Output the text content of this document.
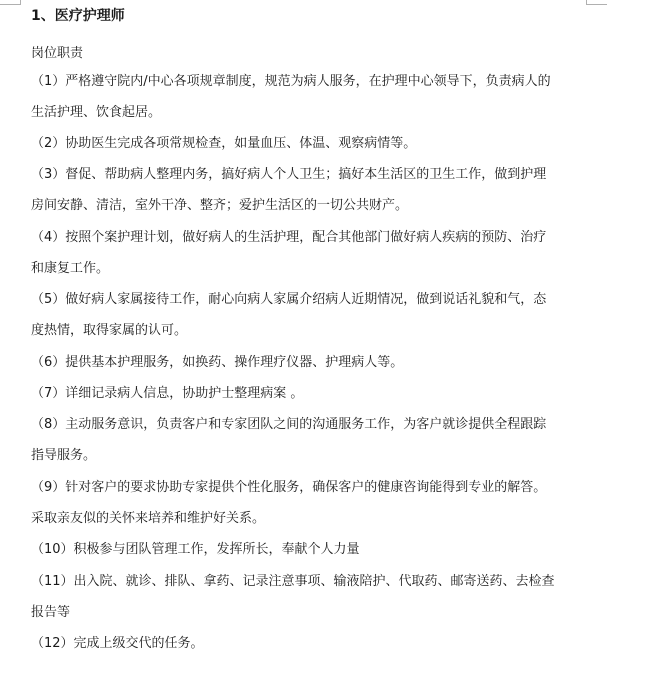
1、医疗护理师
岗位职责
（1）严格遵守院内/中心各项规章制度，规范为病人服务，在护理中心领导下，负责病人的
生活护理、饮食起居。
（2）协助医生完成各项常规检查，如量血压、体温、观察病情等。
（3）督促、帮助病人整理内务，搞好病人个人卫生；搞好本生活区的卫生工作，做到护理
房间安静、清洁，室外干净、整齐；爱护生活区的一切公共财产。
（4）按照个案护理计划，做好病人的生活护理，配合其他部门做好病人疾病的预防、治疗
和康复工作。
（5）做好病人家属接待工作，耐心向病人家属介绍病人近期情况，做到说话礼貌和气，态
度热情，取得家属的认可。
（6）提供基本护理服务，如换药、操作理疗仪器、护理病人等。
（7）详细记录病人信息，协助护士整理病案 。
（8）主动服务意识，负责客户和专家团队之间的沟通服务工作，为客户就诊提供全程跟踪
指导服务。
（9）针对客户的要求协助专家提供个性化服务，确保客户的健康咨询能得到专业的解答。
采取亲友似的关怀来培养和维护好关系。
（10）积极参与团队管理工作，发挥所长，奉献个人力量
（11）出入院、就诊、排队、拿药、记录注意事项、输液陪护、代取药、邮寄送药、去检查
报告等
（12）完成上级交代的任务。
